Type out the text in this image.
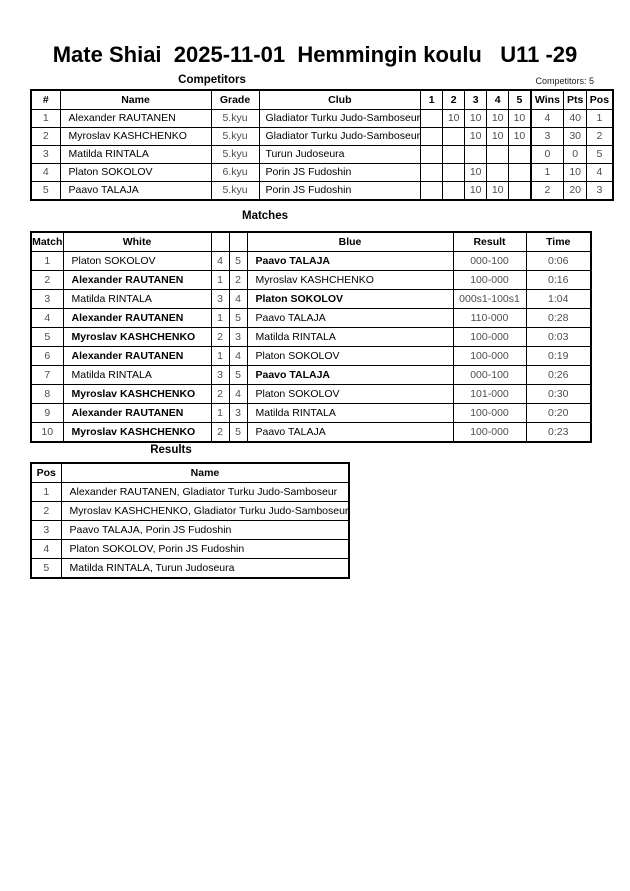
Mate Shiai  2025-11-01  Hemmingin koulu   U11 -29
Competitors	Competitors: 5
#	Name	Grade	Club	1	2	3	4	5	Wins	Pts	Pos
1	Alexander RAUTANEN	5.kyu	Gladiator Turku Judo-Samboseur		10	10	10	10	4	40	1
2	Myroslav KASHCHENKO	5.kyu	Gladiator Turku Judo-Samboseur			10	10	10	3	30	2
3	Matilda RINTALA	5.kyu	Turun Judoseura						0	0	5
4	Platon SOKOLOV	6.kyu	Porin JS Fudoshin			10			1	10	4
5	Paavo TALAJA	5.kyu	Porin JS Fudoshin			10	10		2	20	3
Matches
Match	White			Blue	Result	Time
1	Platon SOKOLOV	4	5	Paavo TALAJA	000-100	0:06
2	Alexander RAUTANEN	1	2	Myroslav KASHCHENKO	100-000	0:16
3	Matilda RINTALA	3	4	Platon SOKOLOV	000s1-100s1	1:04
4	Alexander RAUTANEN	1	5	Paavo TALAJA	110-000	0:28
5	Myroslav KASHCHENKO	2	3	Matilda RINTALA	100-000	0:03
6	Alexander RAUTANEN	1	4	Platon SOKOLOV	100-000	0:19
7	Matilda RINTALA	3	5	Paavo TALAJA	000-100	0:26
8	Myroslav KASHCHENKO	2	4	Platon SOKOLOV	101-000	0:30
9	Alexander RAUTANEN	1	3	Matilda RINTALA	100-000	0:20
10	Myroslav KASHCHENKO	2	5	Paavo TALAJA	100-000	0:23
Results
Pos	Name
1	Alexander RAUTANEN, Gladiator Turku Judo-Samboseur
2	Myroslav KASHCHENKO, Gladiator Turku Judo-Samboseur
3	Paavo TALAJA, Porin JS Fudoshin
4	Platon SOKOLOV, Porin JS Fudoshin
5	Matilda RINTALA, Turun Judoseura
